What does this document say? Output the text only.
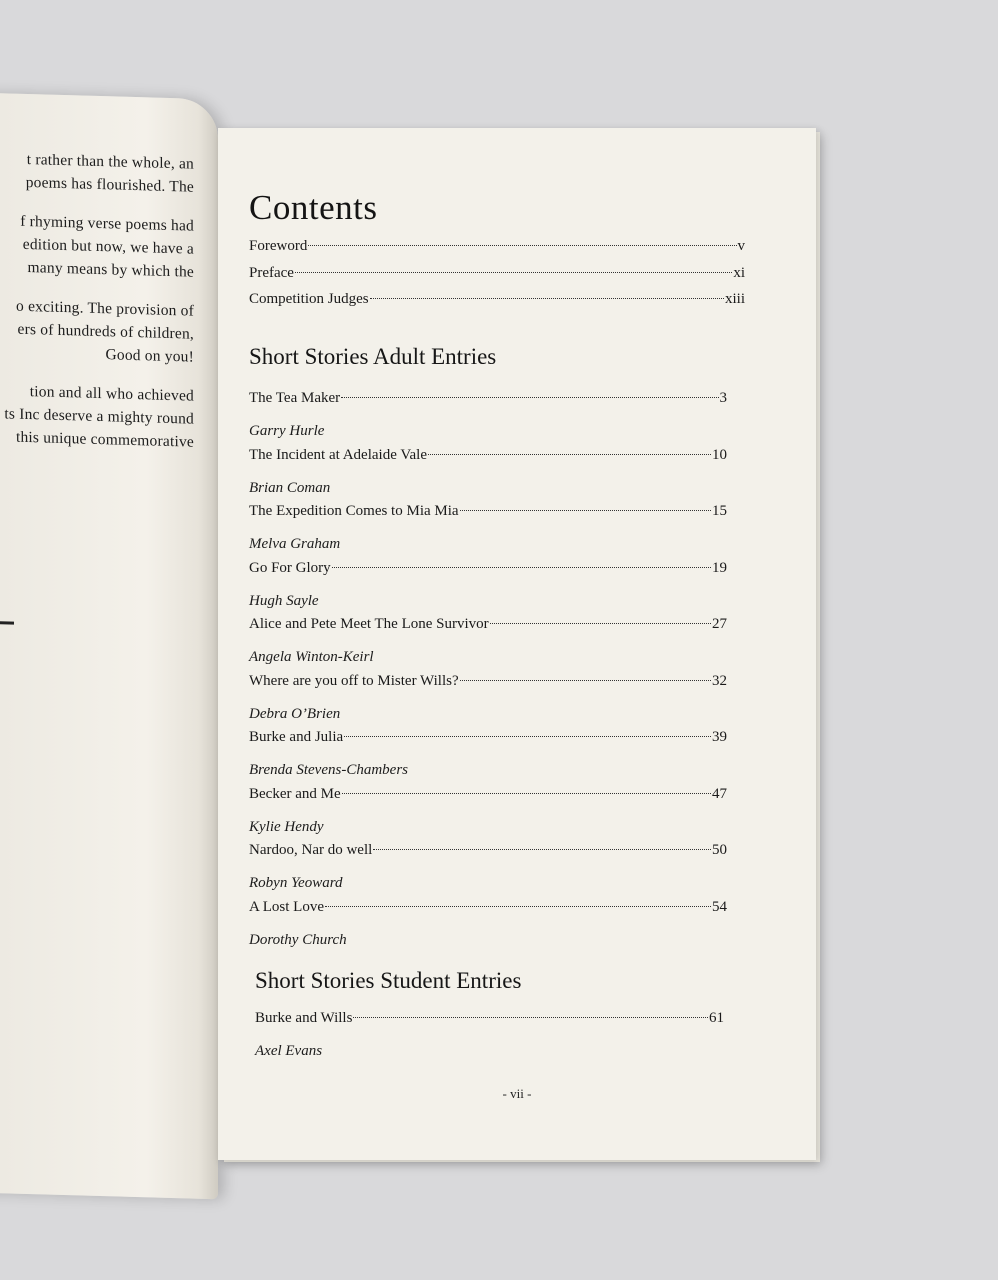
t rather than the whole, an
poems has flourished. The

f rhyming verse poems had
edition but now, we have a
many means by which the

o exciting. The provision of
ers of hundreds of children,
Good on you!

tion and all who achieved
ts Inc deserve a mighty round
this unique commemorative

Contents
Foreword	v
Preface	xi
Competition Judges	xiii
Short Stories Adult Entries
The Tea Maker	3
Garry Hurle
The Incident at Adelaide Vale	10
Brian Coman
The Expedition Comes to Mia Mia	15
Melva Graham
Go For Glory	19
Hugh Sayle
Alice and Pete Meet The Lone Survivor	27
Angela Winton-Keirl
Where are you off to Mister Wills?	32
Debra O’Brien
Burke and Julia	39
Brenda Stevens-Chambers
Becker and Me	47
Kylie Hendy
Nardoo, Nar do well	50
Robyn Yeoward
A Lost Love	54
Dorothy Church
Short Stories Student Entries
Burke and Wills	61
Axel Evans
- vii -
